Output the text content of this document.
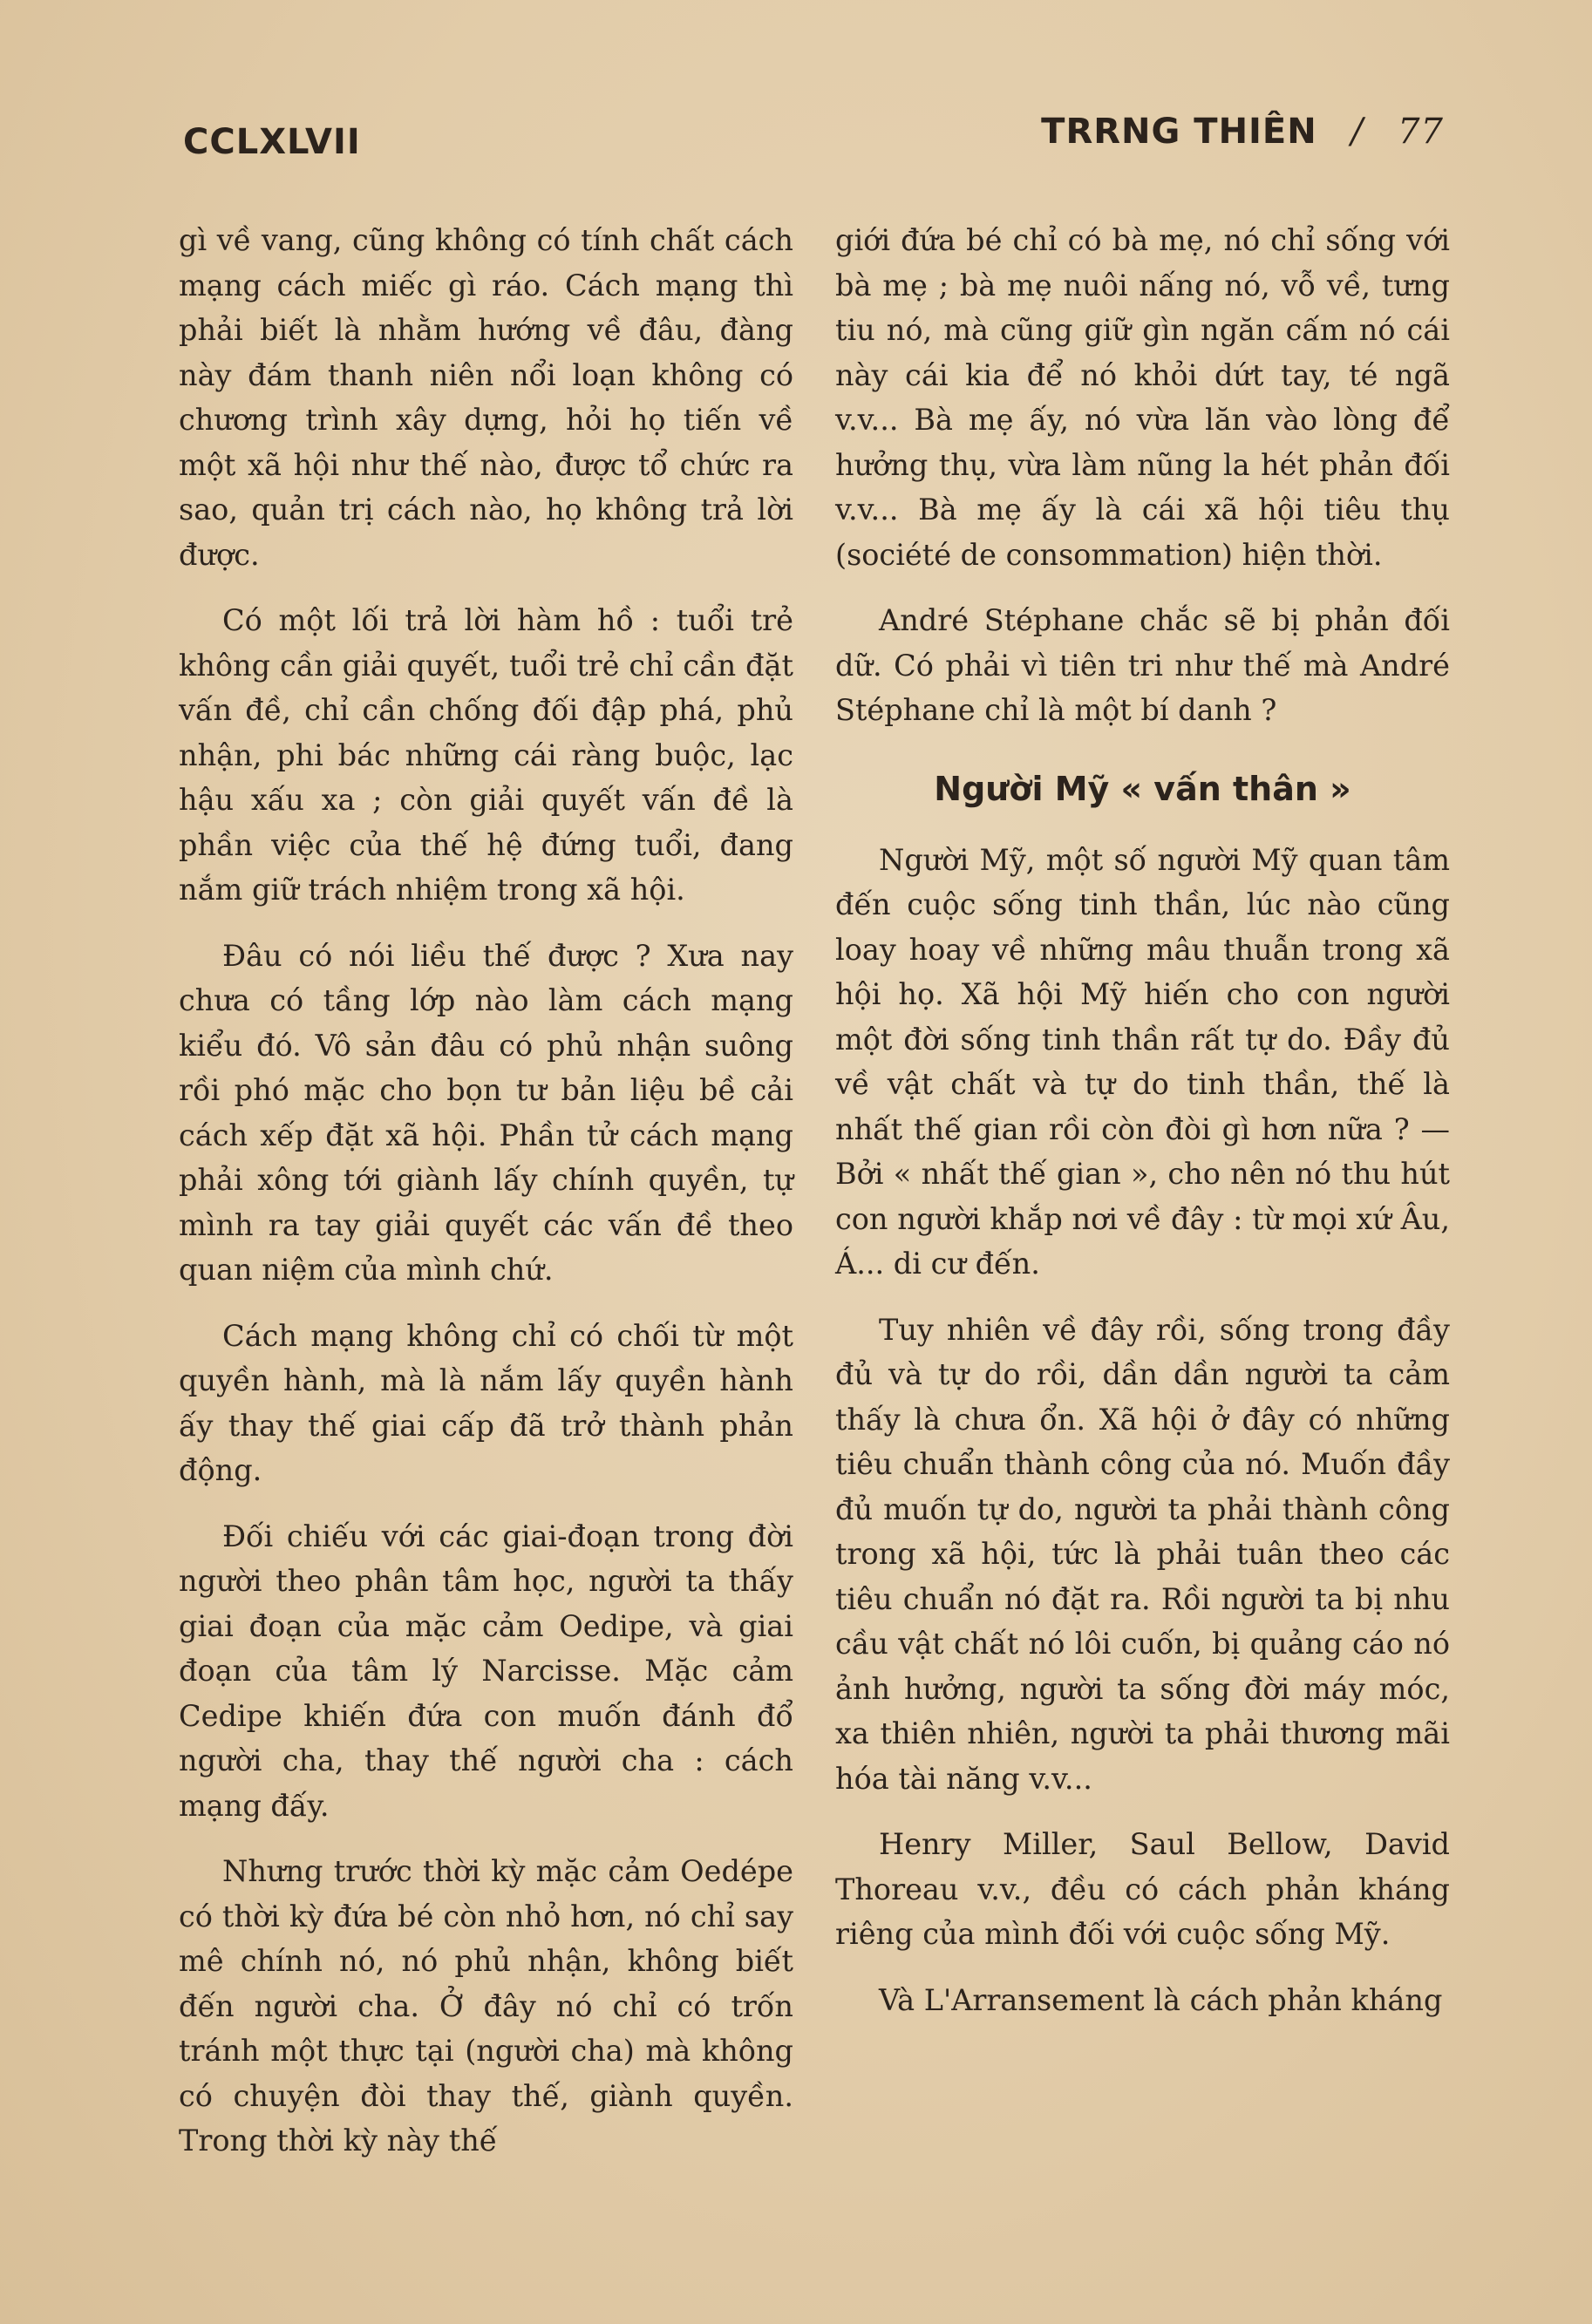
CCLXLVII	TRRNG THIÊN / 77

gì về vang, cũng không có tính chất cách mạng cách miếc gì ráo. Cách mạng thì phải biết là nhằm hướng về đâu, đàng này đám thanh niên nổi loạn không có chương trình xây dựng, hỏi họ tiến về một xã hội như thế nào, được tổ chức ra sao, quản trị cách nào, họ không trả lời được.

Có một lối trả lời hàm hồ : tuổi trẻ không cần giải quyết, tuổi trẻ chỉ cần đặt vấn đề, chỉ cần chống đối đập phá, phủ nhận, phi bác những cái ràng buộc, lạc hậu xấu xa ; còn giải quyết vấn đề là phần việc của thế hệ đứng tuổi, đang nắm giữ trách nhiệm trong xã hội.

Đâu có nói liều thế được ? Xưa nay chưa có tầng lớp nào làm cách mạng kiểu đó. Vô sản đâu có phủ nhận suông rồi phó mặc cho bọn tư bản liệu bề cải cách xếp đặt xã hội. Phần tử cách mạng phải xông tới giành lấy chính quyền, tự mình ra tay giải quyết các vấn đề theo quan niệm của mình chứ.

Cách mạng không chỉ có chối từ một quyền hành, mà là nắm lấy quyền hành ấy thay thế giai cấp đã trở thành phản động.

Đối chiếu với các giai-đoạn trong đời người theo phân tâm học, người ta thấy giai đoạn của mặc cảm Oedipe, và giai đoạn của tâm lý Narcisse. Mặc cảm Cedipe khiến đứa con muốn đánh đổ người cha, thay thế người cha : cách mạng đấy.

Nhưng trước thời kỳ mặc cảm Oedépe có thời kỳ đứa bé còn nhỏ hơn, nó chỉ say mê chính nó, nó phủ nhận, không biết đến người cha. Ở đây nó chỉ có trốn tránh một thực tại (người cha) mà không có chuyện đòi thay thế, giành quyền. Trong thời kỳ này thế

giới đứa bé chỉ có bà mẹ, nó chỉ sống với bà mẹ ; bà mẹ nuôi nấng nó, vỗ về, tưng tiu nó, mà cũng giữ gìn ngăn cấm nó cái này cái kia để nó khỏi dứt tay, té ngã v.v... Bà mẹ ấy, nó vừa lăn vào lòng để hưởng thụ, vừa làm nũng la hét phản đối v.v... Bà mẹ ấy là cái xã hội tiêu thụ (société de consommation) hiện thời.

André Stéphane chắc sẽ bị phản đối dữ. Có phải vì tiên tri như thế mà André Stéphane chỉ là một bí danh ?

Người Mỹ « vấn thân »

Người Mỹ, một số người Mỹ quan tâm đến cuộc sống tinh thần, lúc nào cũng loay hoay về những mâu thuẫn trong xã hội họ. Xã hội Mỹ hiến cho con người một đời sống tinh thần rất tự do. Đầy đủ về vật chất và tự do tinh thần, thế là nhất thế gian rồi còn đòi gì hơn nữa ? — Bởi « nhất thế gian », cho nên nó thu hút con người khắp nơi về đây : từ mọi xứ Âu, Á... di cư đến.

Tuy nhiên về đây rồi, sống trong đầy đủ và tự do rồi, dần dần người ta cảm thấy là chưa ổn. Xã hội ở đây có những tiêu chuẩn thành công của nó. Muốn đầy đủ muốn tự do, người ta phải thành công trong xã hội, tức là phải tuân theo các tiêu chuẩn nó đặt ra. Rồi người ta bị nhu cầu vật chất nó lôi cuốn, bị quảng cáo nó ảnh hưởng, người ta sống đời máy móc, xa thiên nhiên, người ta phải thương mãi hóa tài năng v.v...

Henry Miller, Saul Bellow, David Thoreau v.v., đều có cách phản kháng riêng của mình đối với cuộc sống Mỹ.

Và L'Arransement là cách phản kháng
